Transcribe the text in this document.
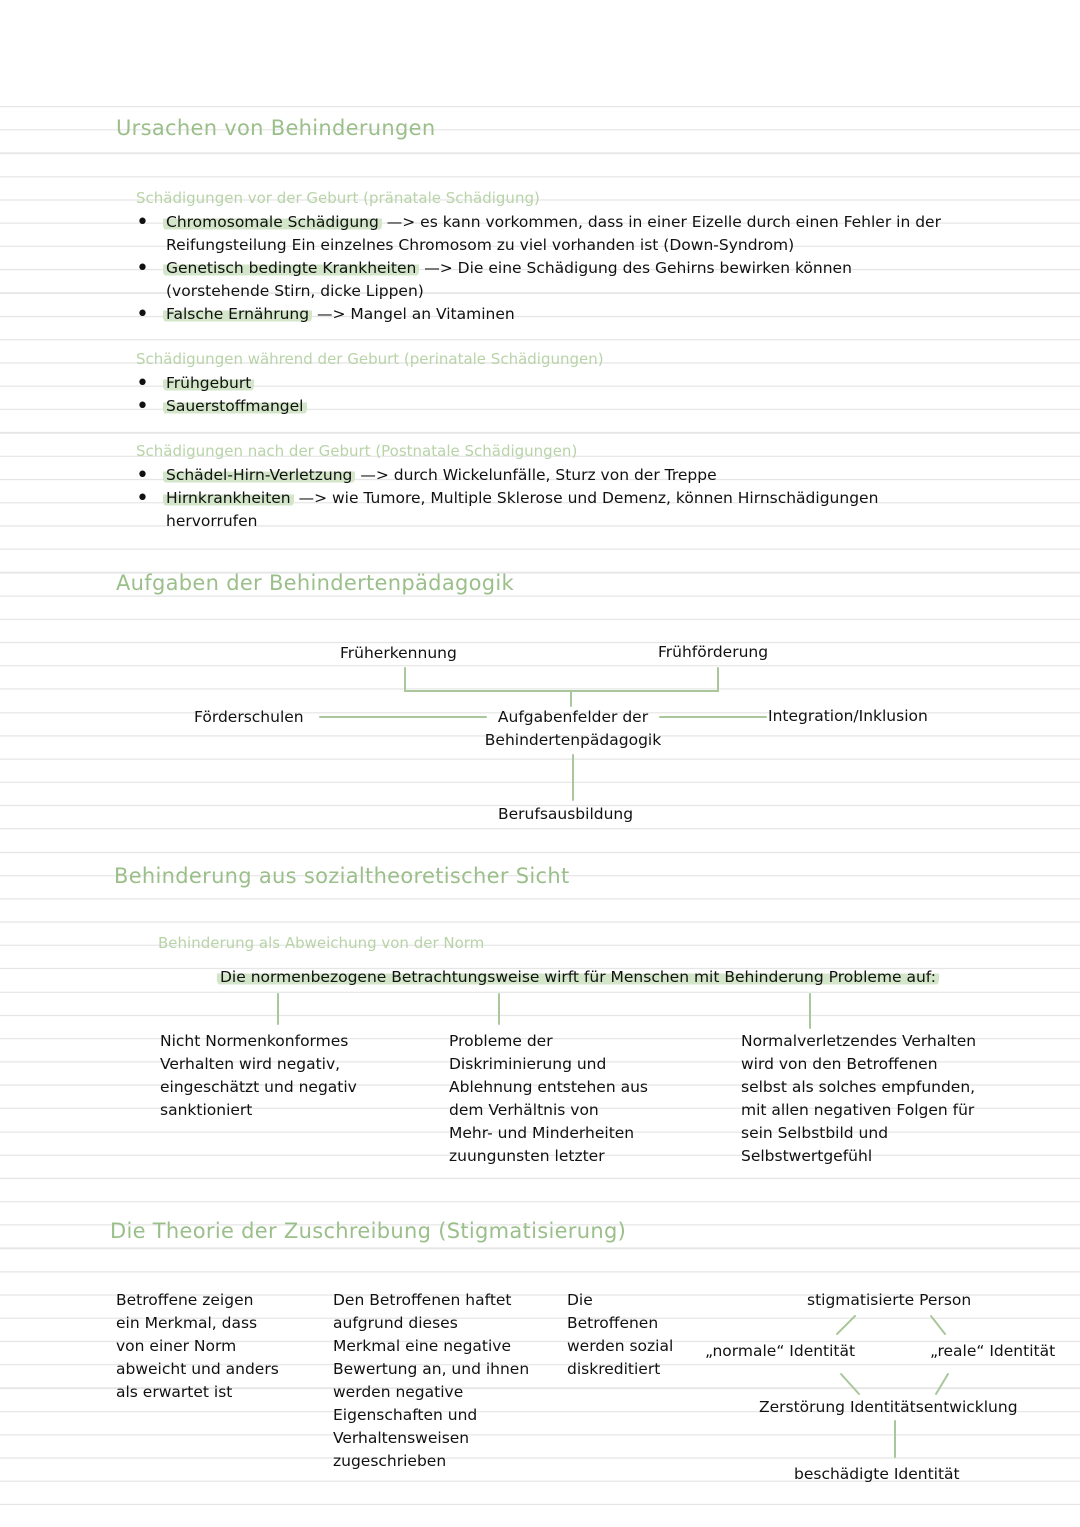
Ursachen von Behinderungen
Schädigungen vor der Geburt (pränatale Schädigung)
• Chromosomale Schädigung —> es kann vorkommen, dass in einer Eizelle durch einen Fehler in der
Reifungsteilung Ein einzelnes Chromosom zu viel vorhanden ist (Down-Syndrom)
• Genetisch bedingte Krankheiten —> Die eine Schädigung des Gehirns bewirken können
(vorstehende Stirn, dicke Lippen)
• Falsche Ernährung —> Mangel an Vitaminen
Schädigungen während der Geburt (perinatale Schädigungen)
• Frühgeburt
• Sauerstoffmangel
Schädigungen nach der Geburt (Postnatale Schädigungen)
• Schädel-Hirn-Verletzung —> durch Wickelunfälle, Sturz von der Treppe
• Hirnkrankheiten —> wie Tumore, Multiple Sklerose und Demenz, können Hirnschädigungen
hervorrufen
Aufgaben der Behindertenpädagogik
Früherkennung	Frühförderung
Förderschulen	Integration/Inklusion
Aufgabenfelder der
Behindertenpädagogik
Berufsausbildung
Behinderung aus sozialtheoretischer Sicht
Behinderung als Abweichung von der Norm
Die normenbezogene Betrachtungsweise wirft für Menschen mit Behinderung Probleme auf:
Nicht Normenkonformes
Verhalten wird negativ,
eingeschätzt und negativ
sanktioniert
Probleme der
Diskriminierung und
Ablehnung entstehen aus
dem Verhältnis von
Mehr- und Minderheiten
zuungunsten letzter
Normalverletzendes Verhalten
wird von den Betroffenen
selbst als solches empfunden,
mit allen negativen Folgen für
sein Selbstbild und
Selbstwertgefühl
Die Theorie der Zuschreibung (Stigmatisierung)
Betroffene zeigen
ein Merkmal, dass
von einer Norm
abweicht und anders
als erwartet ist
Den Betroffenen haftet
aufgrund dieses
Merkmal eine negative
Bewertung an, und ihnen
werden negative
Eigenschaften und
Verhaltensweisen
zugeschrieben
Die
Betroffenen
werden sozial
diskreditiert
stigmatisierte Person
„normale“ Identität	„reale“ Identität
Zerstörung Identitätsentwicklung
beschädigte Identität
